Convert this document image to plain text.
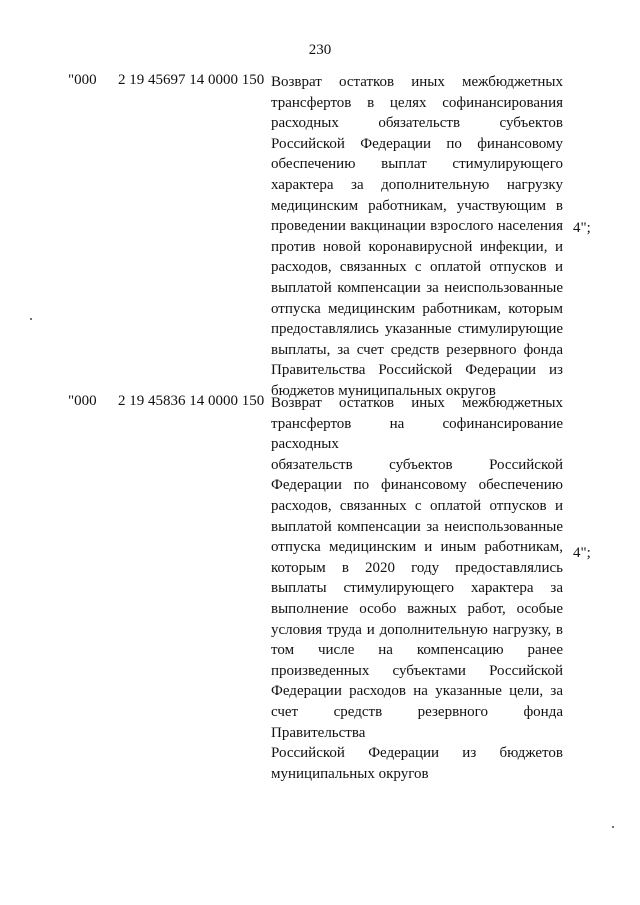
230
"000 2 19 45697 14 0000 150 Возврат остатков иных межбюджетных
трансфертов в целях софинансирования
расходных обязательств субъектов
Российской Федерации по финансовому
обеспечению выплат стимулирующего
характера за дополнительную нагрузку
медицинским работникам, участвующим в
проведении вакцинации взрослого населения
против новой коронавирусной инфекции, и
расходов, связанных с оплатой отпусков и
выплатой компенсации за неиспользованные
отпуска медицинским работникам, которым
предоставлялись указанные стимулирующие
выплаты, за счет средств резервного фонда
Правительства Российской Федерации из
бюджетов муниципальных округов
4";
"000 2 19 45836 14 0000 150 Возврат остатков иных межбюджетных
трансфертов на софинансирование расходных
обязательств субъектов Российской
Федерации по финансовому обеспечению
расходов, связанных с оплатой отпусков и
выплатой компенсации за неиспользованные
отпуска медицинским и иным работникам,
которым в 2020 году предоставлялись
выплаты стимулирующего характера за
выполнение особо важных работ, особые
условия труда и дополнительную нагрузку, в
том числе на компенсацию ранее
произведенных субъектами Российской
Федерации расходов на указанные цели, за
счет средств резервного фонда Правительства
Российской Федерации из бюджетов
муниципальных округов
4";
